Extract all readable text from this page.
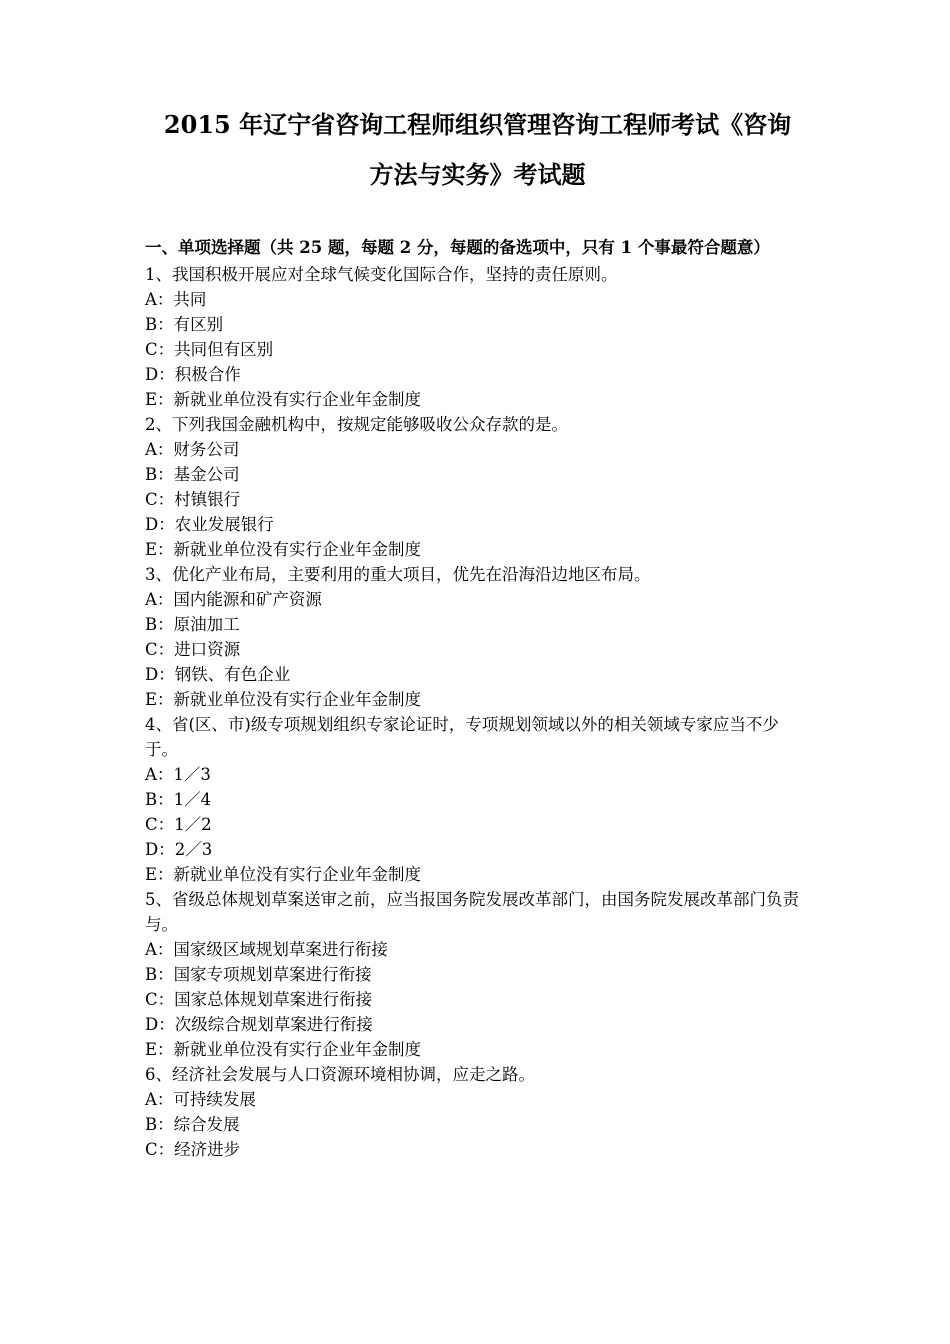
2015 年辽宁省咨询工程师组织管理咨询工程师考试《咨询
方法与实务》考试题
一、单项选择题（共 25 题，每题 2 分，每题的备选项中，只有 1 个事最符合题意）
1、我国积极开展应对全球气候变化国际合作，坚持的责任原则。
A：共同
B：有区别
C：共同但有区别
D：积极合作
E：新就业单位没有实行企业年金制度
2、下列我国金融机构中，按规定能够吸收公众存款的是。
A：财务公司
B：基金公司
C：村镇银行
D：农业发展银行
E：新就业单位没有实行企业年金制度
3、优化产业布局，主要利用的重大项目，优先在沿海沿边地区布局。
A：国内能源和矿产资源
B：原油加工
C：进口资源
D：钢铁、有色企业
E：新就业单位没有实行企业年金制度
4、省(区、市)级专项规划组织专家论证时，专项规划领域以外的相关领域专家应当不少于。
A：1／3
B：1／4
C：1／2
D：2／3
E：新就业单位没有实行企业年金制度
5、省级总体规划草案送审之前，应当报国务院发展改革部门，由国务院发展改革部门负责与。
A：国家级区域规划草案进行衔接
B：国家专项规划草案进行衔接
C：国家总体规划草案进行衔接
D：次级综合规划草案进行衔接
E：新就业单位没有实行企业年金制度
6、经济社会发展与人口资源环境相协调，应走之路。
A：可持续发展
B：综合发展
C：经济进步
